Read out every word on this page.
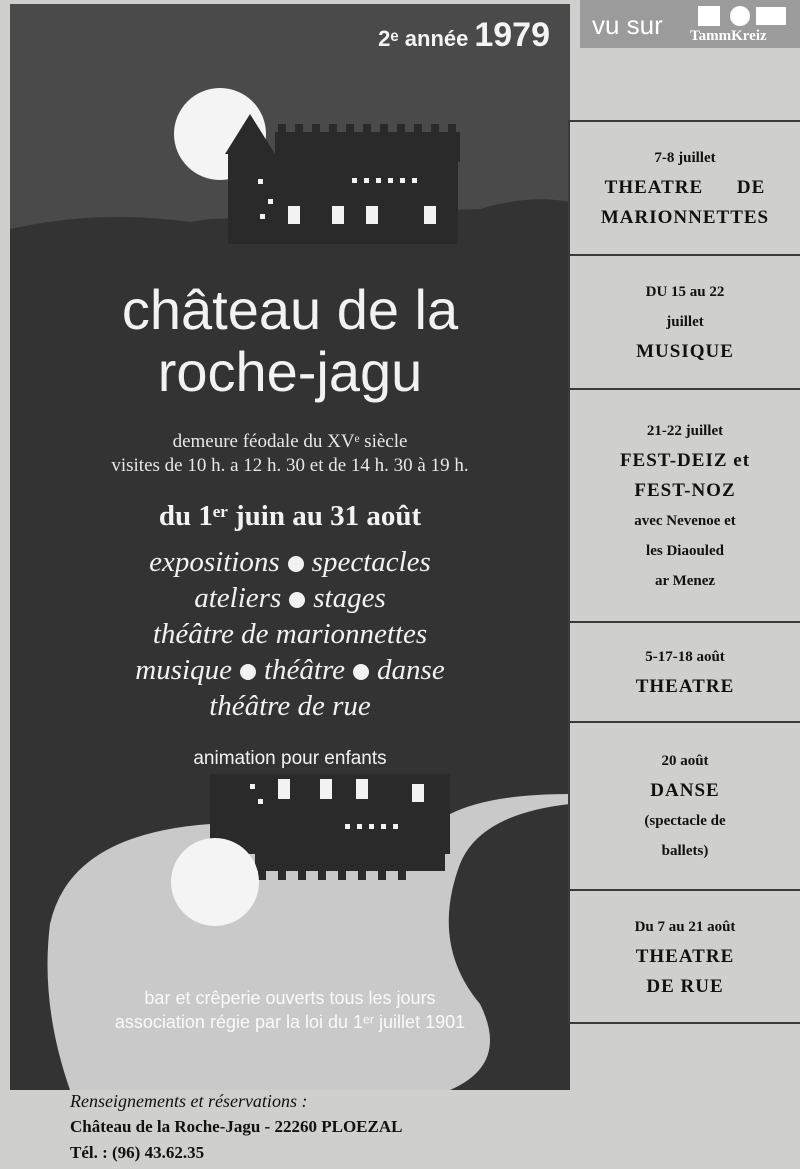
2ᵉ année 1979
château de la
roche-jagu
demeure féodale du XVᵉ siècle
visites de 10 h. a 12 h. 30 et de 14 h. 30 à 19 h.
du 1ᵉʳ juin au 31 août
expositions spectacles
ateliers stages
théâtre de marionnettes
musique théâtre danse
théâtre de rue
animation pour enfants
bar et crêperie ouverts tous les jours
association régie par la loi du 1ᵉʳ juillet 1901
vu sur TammKreiz
7-8 juillet
THEATRE DE
MARIONNETTES
DU 15 au 22
juillet
MUSIQUE
21-22 juillet
FEST-DEIZ et
FEST-NOZ
avec Nevenoe et
les Diaouled
ar Menez
5-17-18 août
THEATRE
20 août
DANSE
(spectacle de
ballets)
Du 7 au 21 août
THEATRE
DE RUE
Renseignements et réservations :
Château de la Roche-Jagu - 22260 PLOEZAL
Tél. : (96) 43.62.35
